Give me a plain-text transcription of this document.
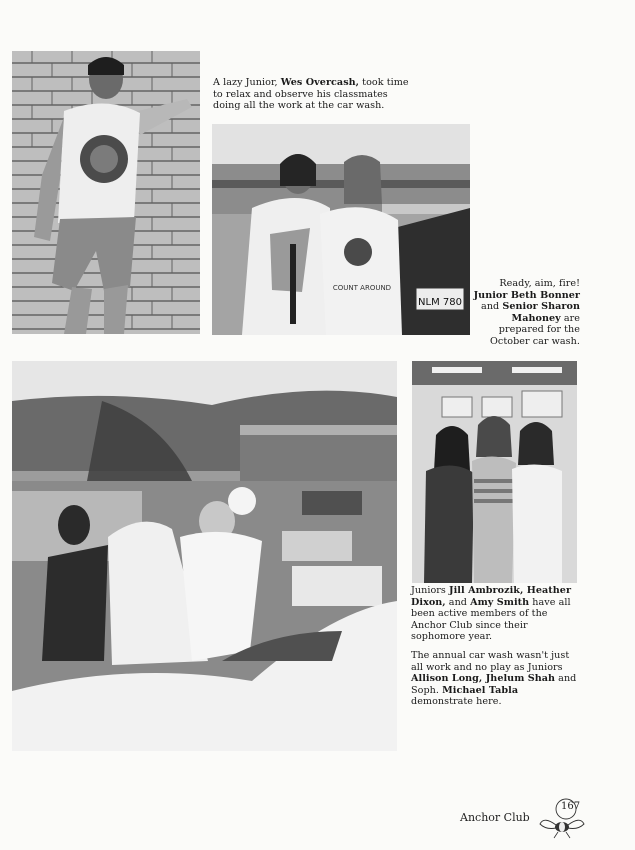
A lazy Junior, Wes Overcash, took time to relax and observe his classmates doing all the work at the car wash.
NLM 780
COUNT AROUND	Ready, aim, fire! Junior Beth Bonner and Senior Sharon Mahoney are prepared for the October car wash.

Juniors Jill Ambrozik, Heather Dixon, and Amy Smith have all been active members of the Anchor Club since their sophomore year.

The annual car wash wasn't just all work and no play as Juniors Allison Long, Jhelum Shah and Soph. Michael Tabla demonstrate here.

Anchor Club
167
